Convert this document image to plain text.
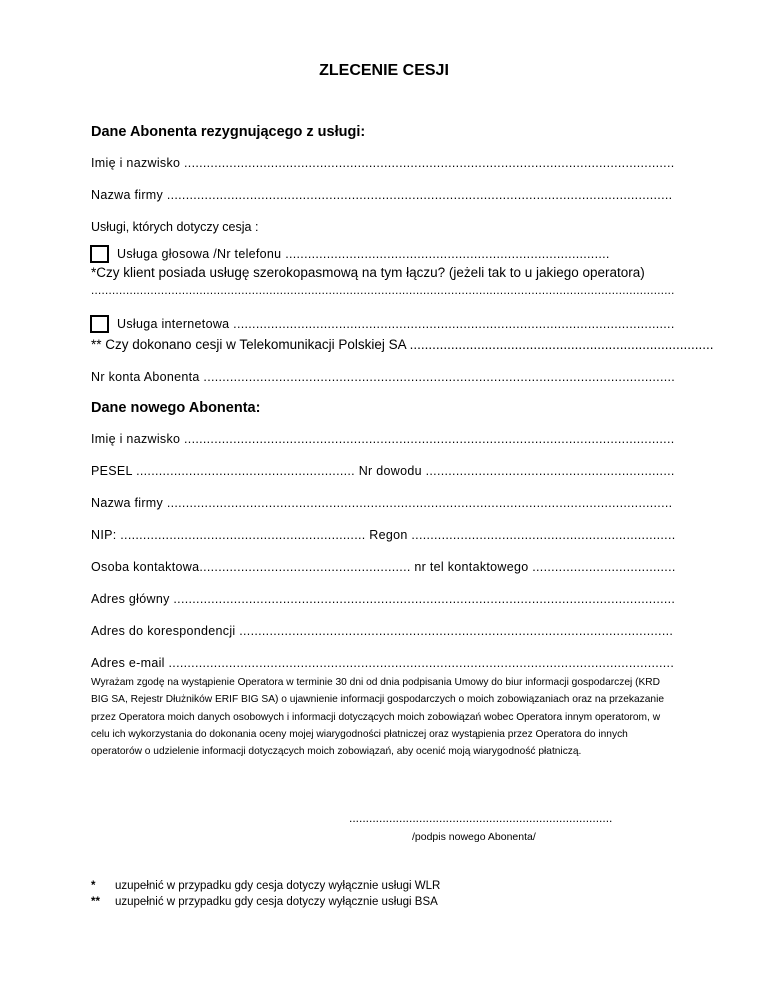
ZLECENIE CESJI
Dane Abonenta rezygnującego z usługi:
Imię i nazwisko ..................................................................................................................................
Nazwa firmy ......................................................................................................................................
Usługi, których dotyczy cesja :
Usługa głosowa /Nr telefonu ......................................................................................
*Czy klient posiada usługę szerokopasmową na tym łączu? (jeżeli tak to u jakiego operatora)
.......................................................................................................................................................................
Usługa internetowa .....................................................................................................................
** Czy dokonano cesji w Telekomunikacji Polskiej SA .................................................................................
Nr konta Abonenta .............................................................................................................................
Dane nowego Abonenta:
Imię i nazwisko ..................................................................................................................................
PESEL .......................................................... Nr dowodu ..................................................................
Nazwa firmy ......................................................................................................................................
NIP: ................................................................. Regon ......................................................................
Osoba kontaktowa........................................................ nr tel kontaktowego ......................................
Adres główny .....................................................................................................................................
Adres do korespondencji ...................................................................................................................
Adres e-mail ......................................................................................................................................
Wyrażam zgodę na wystąpienie Operatora w terminie 30 dni od dnia podpisania Umowy do biur informacji gospodarczej (KRD BIG SA, Rejestr Dłużników ERIF BIG SA) o ujawnienie informacji gospodarczych o moich zobowiązaniach oraz na przekazanie przez Operatora moich danych osobowych i informacji dotyczących moich zobowiązań wobec Operatora innym operatorom, w celu ich wykorzystania do dokonania oceny mojej wiarygodności płatniczej oraz wystąpienia przez Operatora do innych operatorów o udzielenie informacji dotyczących moich zobowiązań, aby ocenić moją wiarygodność płatniczą.
...............................................................................
/podpis nowego Abonenta/
* uzupełnić w przypadku gdy cesja dotyczy wyłącznie usługi WLR
** uzupełnić w przypadku gdy cesja dotyczy wyłącznie usługi BSA
